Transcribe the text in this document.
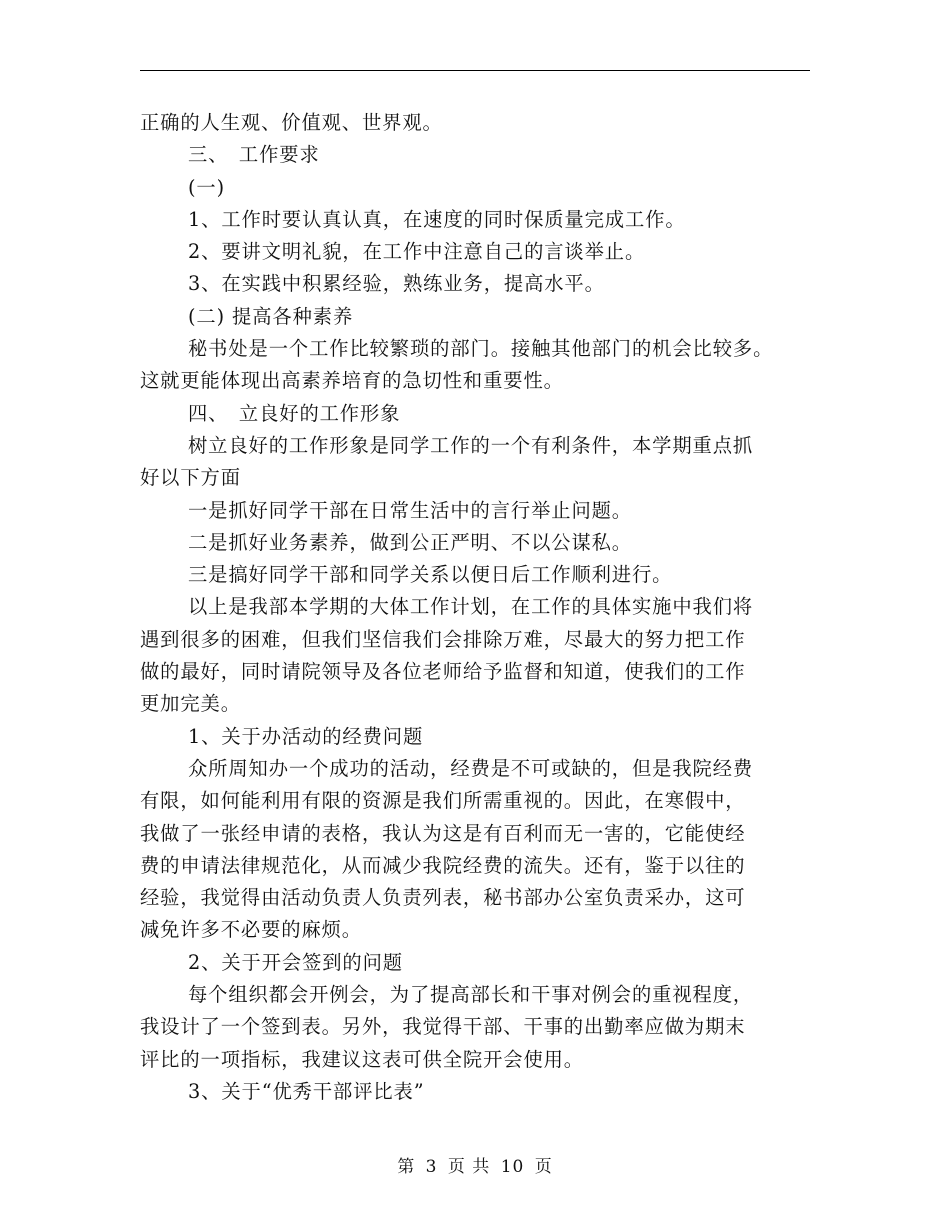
正确的人生观、价值观、世界观。

三、　工作要求

(一)

1、工作时要认真认真，在速度的同时保质量完成工作。

2、要讲文明礼貌，在工作中注意自己的言谈举止。

3、在实践中积累经验，熟练业务，提高水平。

(二) 提高各种素养

秘书处是一个工作比较繁琐的部门。接触其他部门的机会比较多。

这就更能体现出高素养培育的急切性和重要性。

四、　立良好的工作形象

树立良好的工作形象是同学工作的一个有利条件，本学期重点抓

好以下方面

一是抓好同学干部在日常生活中的言行举止问题。

二是抓好业务素养，做到公正严明、不以公谋私。

三是搞好同学干部和同学关系以便日后工作顺利进行。

以上是我部本学期的大体工作计划，在工作的具体实施中我们将

遇到很多的困难，但我们坚信我们会排除万难，尽最大的努力把工作

做的最好，同时请院领导及各位老师给予监督和知道，使我们的工作

更加完美。

1、关于办活动的经费问题

众所周知办一个成功的活动，经费是不可或缺的，但是我院经费

有限，如何能利用有限的资源是我们所需重视的。因此，在寒假中，

我做了一张经申请的表格，我认为这是有百利而无一害的，它能使经

费的申请法律规范化，从而减少我院经费的流失。还有，鉴于以往的

经验，我觉得由活动负责人负责列表，秘书部办公室负责采办，这可

减免许多不必要的麻烦。

2、关于开会签到的问题

每个组织都会开例会，为了提高部长和干事对例会的重视程度，

我设计了一个签到表。另外，我觉得干部、干事的出勤率应做为期末

评比的一项指标，我建议这表可供全院开会使用。

3、关于“优秀干部评比表”

第 3 页 共 10 页
